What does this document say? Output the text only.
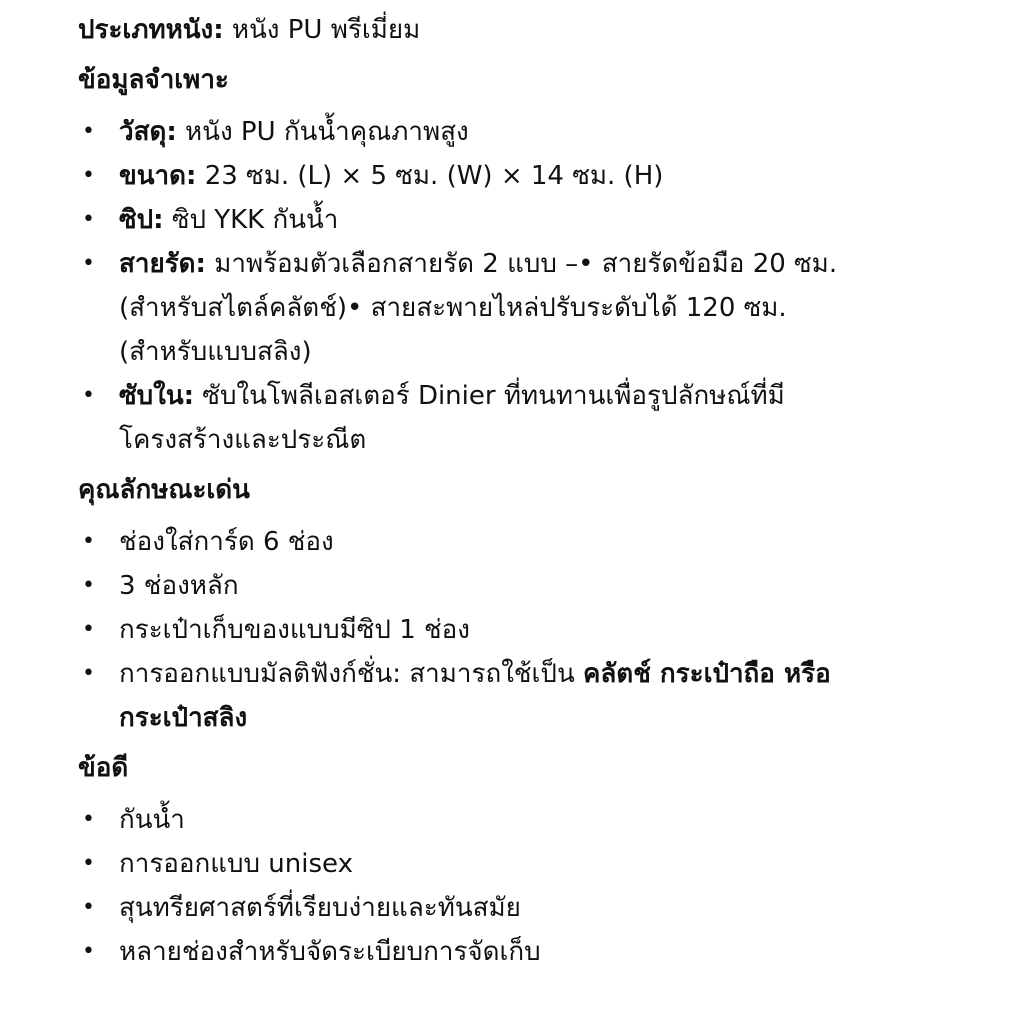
ประเภทหนัง: หนัง PU พรีเมี่ยม

ข้อมูลจำเพาะ
• วัสดุ: หนัง PU กันน้ำคุณภาพสูง
• ขนาด: 23 ซม. (L) × 5 ซม. (W) × 14 ซม. (H)
• ซิป: ซิป YKK กันน้ำ
• สายรัด: มาพร้อมตัวเลือกสายรัด 2 แบบ –• สายรัดข้อมือ 20 ซม.
(สำหรับสไตล์คลัตช์)• สายสะพายไหล่ปรับระดับได้ 120 ซม.
(สำหรับแบบสลิง)
• ซับใน: ซับในโพลีเอสเตอร์ Dinier ที่ทนทานเพื่อรูปลักษณ์ที่มี
โครงสร้างและประณีต
คุณลักษณะเด่น
• ช่องใส่การ์ด 6 ช่อง
• 3 ช่องหลัก
• กระเป๋าเก็บของแบบมีซิป 1 ช่อง
• การออกแบบมัลติฟังก์ชั่น: สามารถใช้เป็น คลัตช์ กระเป๋าถือ หรือ
กระเป๋าสลิง
ข้อดี
• กันน้ำ
• การออกแบบ unisex
• สุนทรียศาสตร์ที่เรียบง่ายและทันสมัย
• หลายช่องสำหรับจัดระเบียบการจัดเก็บ
